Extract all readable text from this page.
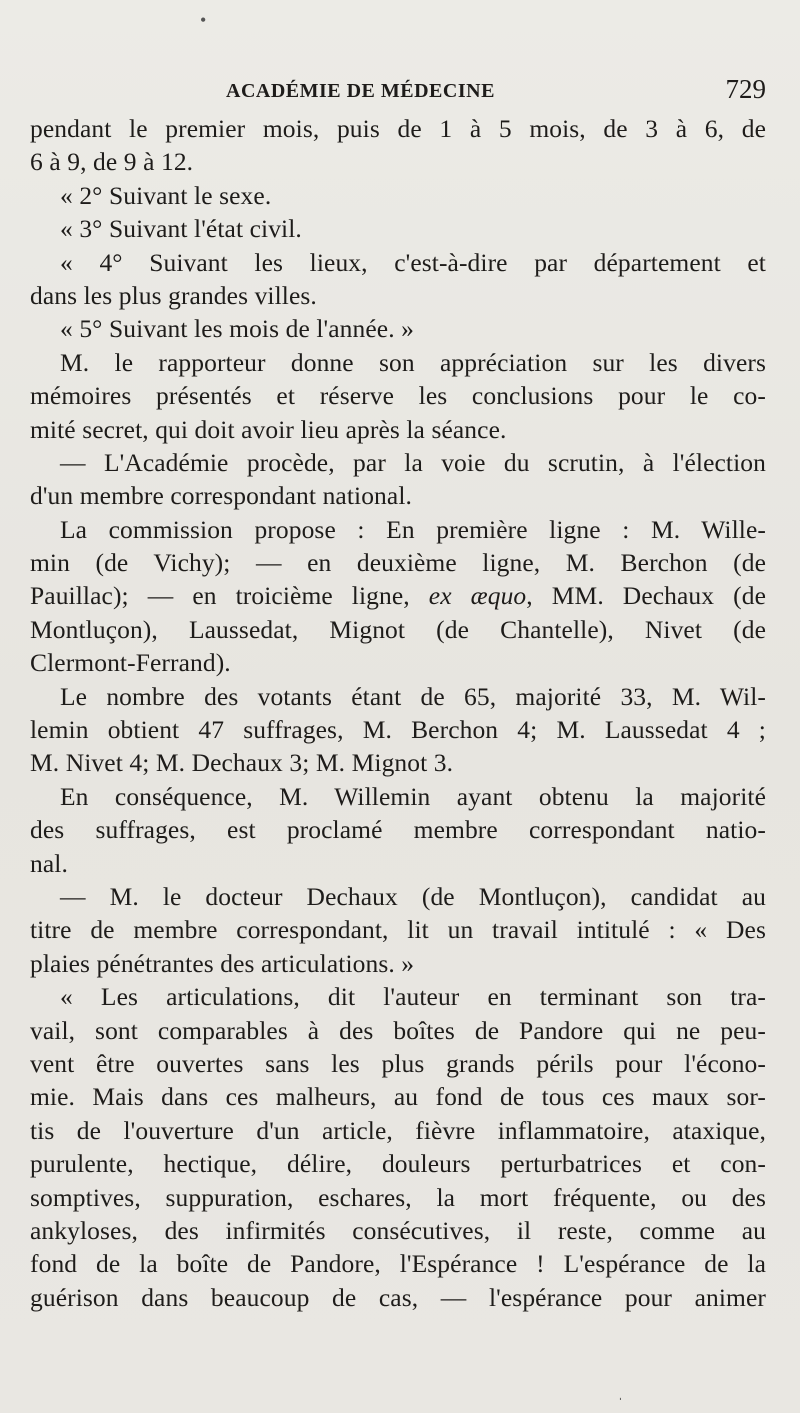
•
ACADÉMIE DE MÉDECINE	729
pendant le premier mois, puis de 1 à 5 mois, de 3 à 6, de
6 à 9, de 9 à 12.
« 2° Suivant le sexe.
« 3° Suivant l'état civil.
« 4° Suivant les lieux, c'est-à-dire par département et
dans les plus grandes villes.
« 5° Suivant les mois de l'année. »
M. le rapporteur donne son appréciation sur les divers
mémoires présentés et réserve les conclusions pour le co-
mité secret, qui doit avoir lieu après la séance.
— L'Académie procède, par la voie du scrutin, à l'élection
d'un membre correspondant national.
La commission propose : En première ligne : M. Wille-
min (de Vichy); — en deuxième ligne, M. Berchon (de
Pauillac); — en troicième ligne, ex æquo, MM. Dechaux (de
Montluçon), Laussedat, Mignot (de Chantelle), Nivet (de
Clermont-Ferrand).
Le nombre des votants étant de 65, majorité 33, M. Wil-
lemin obtient 47 suffrages, M. Berchon 4; M. Laussedat 4 ;
M. Nivet 4; M. Dechaux 3; M. Mignot 3.
En conséquence, M. Willemin ayant obtenu la majorité
des suffrages, est proclamé membre correspondant natio-
nal.
— M. le docteur Dechaux (de Montluçon), candidat au
titre de membre correspondant, lit un travail intitulé : « Des
plaies pénétrantes des articulations. »
« Les articulations, dit l'auteur en terminant son tra-
vail, sont comparables à des boîtes de Pandore qui ne peu-
vent être ouvertes sans les plus grands périls pour l'écono-
mie. Mais dans ces malheurs, au fond de tous ces maux sor-
tis de l'ouverture d'un article, fièvre inflammatoire, ataxique,
purulente, hectique, délire, douleurs perturbatrices et con-
somptives, suppuration, eschares, la mort fréquente, ou des
ankyloses, des infirmités consécutives, il reste, comme au
fond de la boîte de Pandore, l'Espérance ! L'espérance de la
guérison dans beaucoup de cas, — l'espérance pour animer
ˌ
